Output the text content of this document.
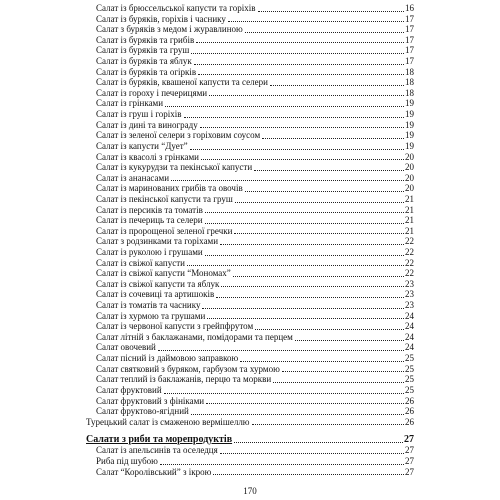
Салат із брюссельської капусти та горіхів	16
Салат із буряків, горіхів і часнику	17
Салат з буряків з медом і журавлиною	17
Салат із буряків та грибів	17
Салат із буряків та груш	17
Салат із буряків та яблук	17
Салат із буряків та огірків	18
Салат із буряків, квашеної капусти та селери	18
Салат із гороху і печерицями	18
Салат із грінками	19
Салат із груш і горіхів	19
Салат із дині та винограду	19
Салат із зеленої селери з горіховим соусом	19
Салат із капусти “Дует”	19
Салат із квасолі з грінками	20
Салат із кукурудзи та пекінської капусти	20
Салат із ананасами	20
Салат із маринованих грибів та овочів	20
Салат із пекінської капусти та груш	21
Салат із персиків та томатів	21
Салат із печериць та селери	21
Салат із пророщеної зеленої гречки	21
Салат з родзинками та горіхами	22
Салат із руколою і грушами	22
Салат із свіжої капусти	22
Салат із свіжої капусти “Мономах”	22
Салат із свіжої капусти та яблук	23
Салат із сочевиці та артишоків	23
Салат із томатів та часнику	23
Салат із хурмою та грушами	24
Салат із червоної капусти з грейпфрутом	24
Салат літній з баклажанами, помідорами та перцем	24
Салат овочевий	24
Салат пісний із даймовою заправкою	25
Салат святковий з буряком, гарбузом та хурмою	25
Салат теплий із баклажанів, перцю та моркви	25
Салат фруктовий	25
Салат фруктовий з фініками	26
Салат фруктово-ягідний	26
Турецький салат із смаженою вермішеллю	26
Салати з риби та морепродуктів	27
Салат із апельсинів та оселедця	27
Риба під шубою	27
Салат “Королівський” з ікрою	27
170
